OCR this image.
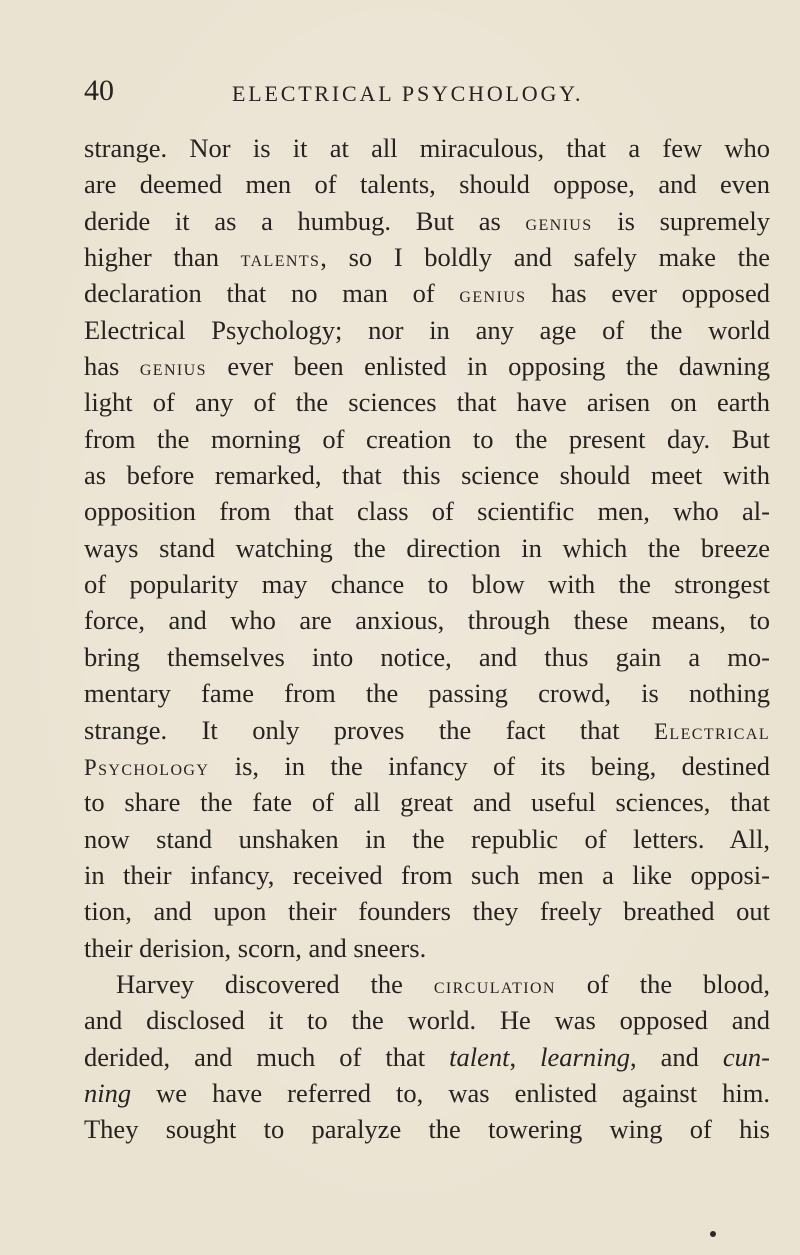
40	ELECTRICAL PSYCHOLOGY.
strange. Nor is it at all miraculous, that a few who
are deemed men of talents, should oppose, and even
deride it as a humbug. But as genius is supremely
higher than talents, so I boldly and safely make the
declaration that no man of genius has ever opposed
Electrical Psychology; nor in any age of the world
has genius ever been enlisted in opposing the dawning
light of any of the sciences that have arisen on earth
from the morning of creation to the present day. But
as before remarked, that this science should meet with
opposition from that class of scientific men, who al-
ways stand watching the direction in which the breeze
of popularity may chance to blow with the strongest
force, and who are anxious, through these means, to
bring themselves into notice, and thus gain a mo-
mentary fame from the passing crowd, is nothing
strange. It only proves the fact that Electrical
Psychology is, in the infancy of its being, destined
to share the fate of all great and useful sciences, that
now stand unshaken in the republic of letters. All,
in their infancy, received from such men a like opposi-
tion, and upon their founders they freely breathed out
their derision, scorn, and sneers.
Harvey discovered the circulation of the blood,
and disclosed it to the world. He was opposed and
derided, and much of that talent, learning, and cun-
ning we have referred to, was enlisted against him.
They sought to paralyze the towering wing of his
